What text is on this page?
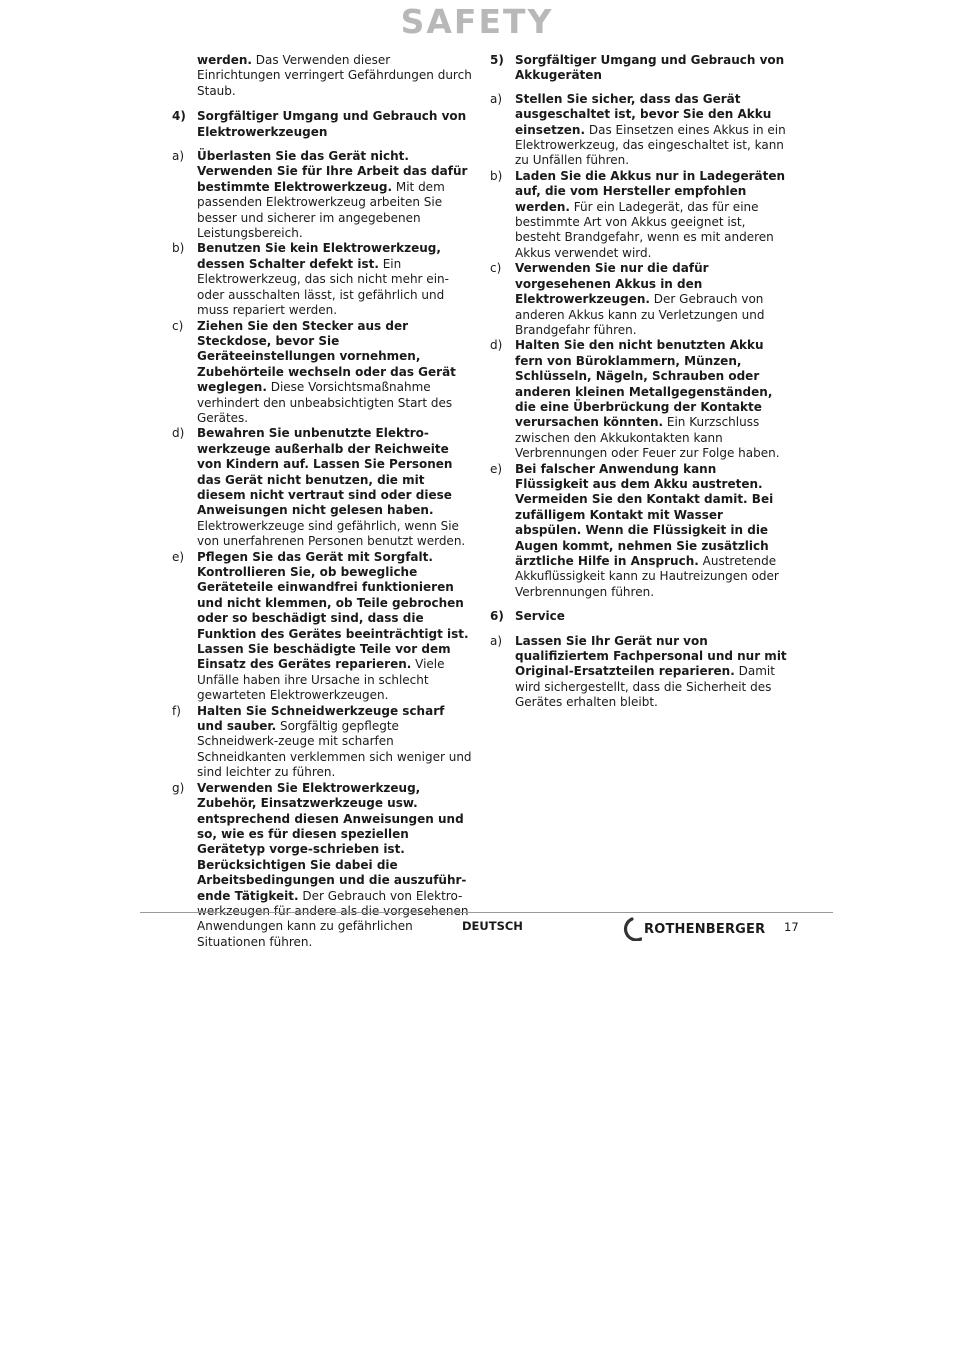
SAFETY

werden. Das Verwenden dieser Einrichtungen verringert Gefährdungen durch Staub.

4) Sorgfältiger Umgang und Gebrauch von Elektrowerkzeugen

a) Überlasten Sie das Gerät nicht. Verwenden Sie für Ihre Arbeit das dafür bestimmte Elektrowerkzeug. Mit dem passenden Elektrowerkzeug arbeiten Sie besser und sicherer im angegebenen Leistungsbereich.

b) Benutzen Sie kein Elektrowerkzeug, dessen Schalter defekt ist. Ein Elektrowerkzeug, das sich nicht mehr ein- oder ausschalten lässt, ist gefährlich und muss repariert werden.

c) Ziehen Sie den Stecker aus der Steckdose, bevor Sie Geräteeinstellungen vornehmen, Zubehörteile wechseln oder das Gerät weglegen. Diese Vorsichtsmaßnahme verhindert den unbeabsichtigten Start des Gerätes.

d) Bewahren Sie unbenutzte Elektro-werkzeuge außerhalb der Reichweite von Kindern auf. Lassen Sie Personen das Gerät nicht benutzen, die mit diesem nicht vertraut sind oder diese Anweisungen nicht gelesen haben. Elektrowerkzeuge sind gefährlich, wenn Sie von unerfahrenen Personen benutzt werden.

e) Pflegen Sie das Gerät mit Sorgfalt. Kontrollieren Sie, ob bewegliche Geräteteile einwandfrei funktionieren und nicht klemmen, ob Teile gebrochen oder so beschädigt sind, dass die Funktion des Gerätes beeinträchtigt ist. Lassen Sie beschädigte Teile vor dem Einsatz des Gerätes reparieren. Viele Unfälle haben ihre Ursache in schlecht gewarteten Elektrowerkzeugen.

f) Halten Sie Schneidwerkzeuge scharf und sauber. Sorgfältig gepflegte Schneidwerk-zeuge mit scharfen Schneidkanten verklemmen sich weniger und sind leichter zu führen.

g) Verwenden Sie Elektrowerkzeug, Zubehör, Einsatzwerkzeuge usw. entsprechend diesen Anweisungen und so, wie es für diesen speziellen Gerätetyp vorge-schrieben ist. Berücksichtigen Sie dabei die Arbeitsbedingungen und die auszuführ-ende Tätigkeit. Der Gebrauch von Elektro-werkzeugen für andere als die vorgesehenen Anwendungen kann zu gefährlichen Situationen führen.

5) Sorgfältiger Umgang und Gebrauch von Akkugeräten

a) Stellen Sie sicher, dass das Gerät ausgeschaltet ist, bevor Sie den Akku einsetzen. Das Einsetzen eines Akkus in ein Elektrowerkzeug, das eingeschaltet ist, kann zu Unfällen führen.

b) Laden Sie die Akkus nur in Ladegeräten auf, die vom Hersteller empfohlen werden. Für ein Ladegerät, das für eine bestimmte Art von Akkus geeignet ist, besteht Brandgefahr, wenn es mit anderen Akkus verwendet wird.

c) Verwenden Sie nur die dafür vorgesehenen Akkus in den Elektrowerkzeugen. Der Gebrauch von anderen Akkus kann zu Verletzungen und Brandgefahr führen.

d) Halten Sie den nicht benutzten Akku fern von Büroklammern, Münzen, Schlüsseln, Nägeln, Schrauben oder anderen kleinen Metallgegenständen, die eine Überbrückung der Kontakte verursachen könnten. Ein Kurzschluss zwischen den Akkukontakten kann Verbrennungen oder Feuer zur Folge haben.

e) Bei falscher Anwendung kann Flüssigkeit aus dem Akku austreten. Vermeiden Sie den Kontakt damit. Bei zufälligem Kontakt mit Wasser abspülen. Wenn die Flüssigkeit in die Augen kommt, nehmen Sie zusätzlich ärztliche Hilfe in Anspruch. Austretende Akkuflüssigkeit kann zu Hautreizungen oder Verbrennungen führen.

6) Service

a) Lassen Sie Ihr Gerät nur von qualifiziertem Fachpersonal und nur mit Original-Ersatzteilen reparieren. Damit wird sichergestellt, dass die Sicherheit des Gerätes erhalten bleibt.

DEUTSCH	ROTHENBERGER 17
